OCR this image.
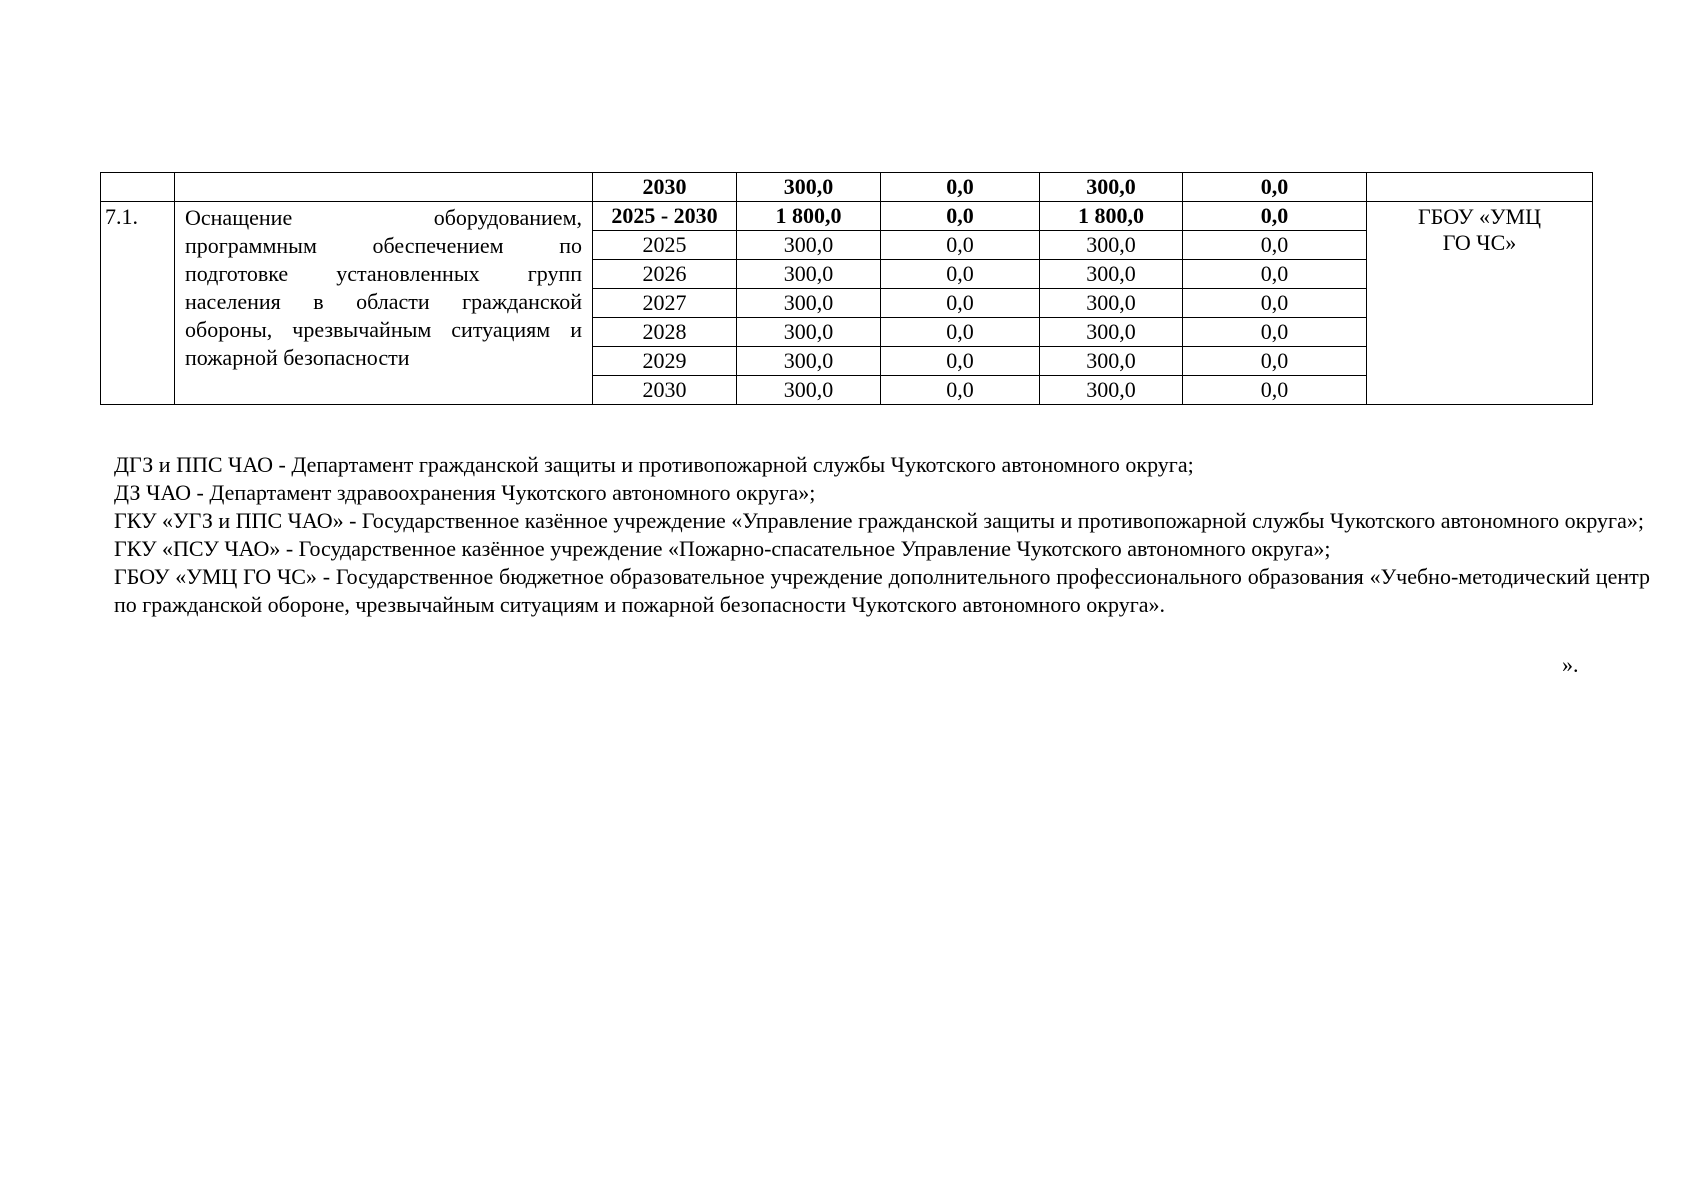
		2030	300,0	0,0	300,0	0,0	
7.1.	Оснащение оборудованием, программным обеспечением по подготовке установленных групп населения в области гражданской обороны, чрезвычайным ситуациям и пожарной безопасности	2025 - 2030	1 800,0	0,0	1 800,0	0,0	ГБОУ «УМЦ ГО ЧС»

		2025	300,0	0,0	300,0	0,0	
		2026	300,0	0,0	300,0	0,0	
		2027	300,0	0,0	300,0	0,0	
		2028	300,0	0,0	300,0	0,0	
		2029	300,0	0,0	300,0	0,0	
		2030	300,0	0,0	300,0	0,0	

ДГЗ и ППС ЧАО - Департамент гражданской защиты и противопожарной службы Чукотского автономного округа;

ДЗ ЧАО - Департамент здравоохранения Чукотского автономного округа»;

ГКУ «УГЗ и ППС ЧАО» - Государственное казённое учреждение «Управление гражданской защиты и противопожарной службы Чукотского автономного округа»;

ГКУ «ПСУ ЧАО» - Государственное казённое учреждение «Пожарно-спасательное Управление Чукотского автономного округа»;

ГБОУ «УМЦ ГО ЧС» - Государственное бюджетное образовательное учреждение дополнительного профессионального образования «Учебно-методический центр по гражданской обороне, чрезвычайным ситуациям и пожарной безопасности Чукотского автономного округа».

».
